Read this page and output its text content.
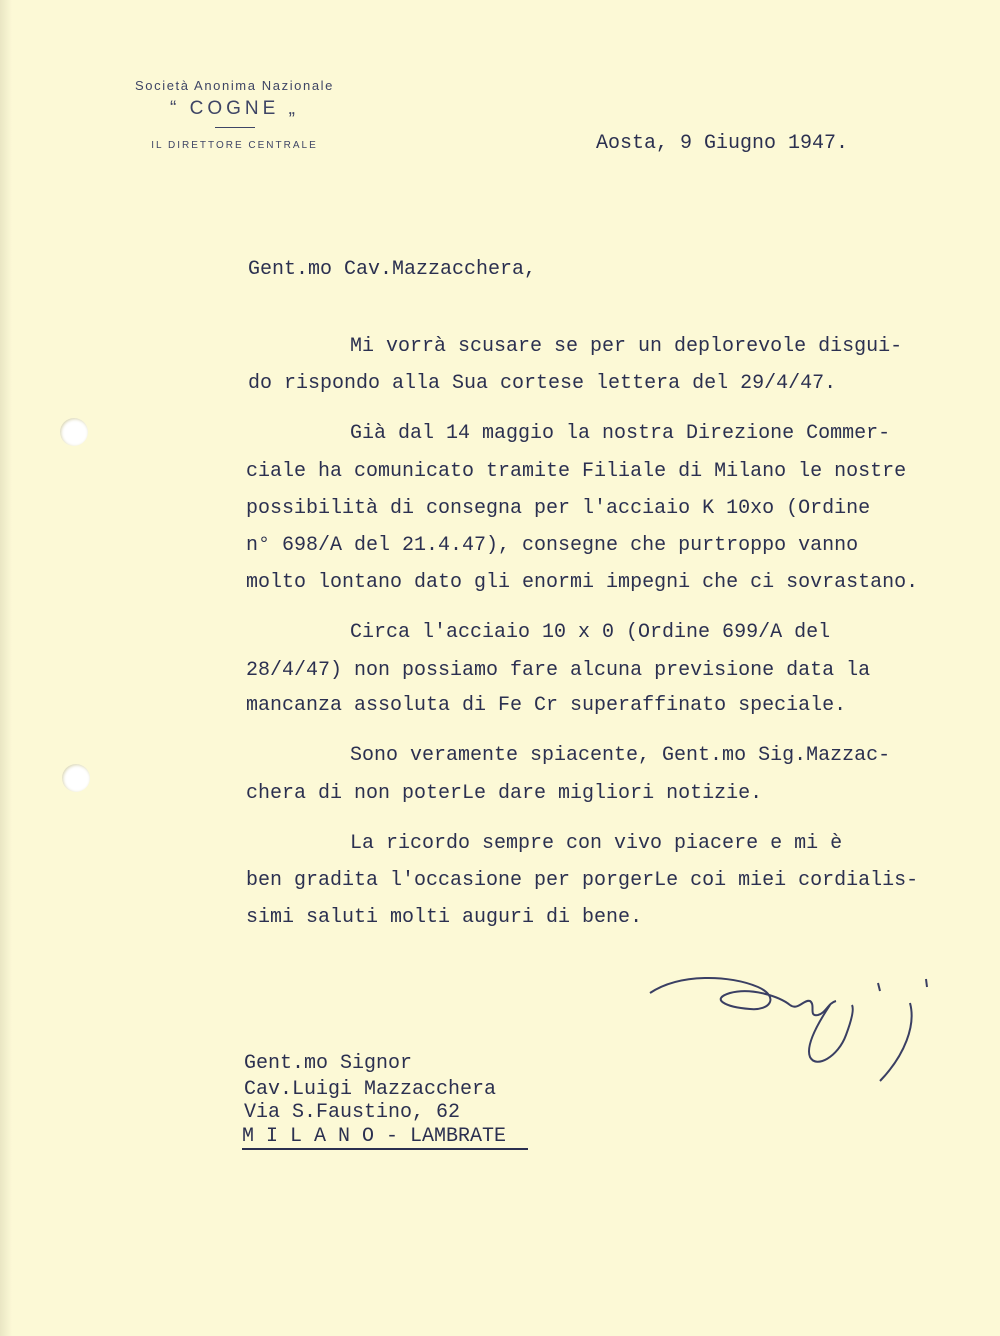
Società Anonima Nazionale
“ COGNE „
IL DIRETTORE CENTRALE	Aosta, 9 Giugno 1947.
Gent.mo Cav.Mazzacchera,
Mi vorrà scusare se per un deplorevole disgui-
do rispondo alla Sua cortese lettera del 29/4/47.
Già dal 14 maggio la nostra Direzione Commer-
ciale ha comunicato tramite Filiale di Milano le nostre
possibilità di consegna per l'acciaio K 10xo (Ordine
n° 698/A del 21.4.47), consegne che purtroppo vanno
molto lontano dato gli enormi impegni che ci sovrastano.
Circa l'acciaio 10 x 0 (Ordine 699/A del
28/4/47) non possiamo fare alcuna previsione data la
mancanza assoluta di Fe Cr superaffinato speciale.
Sono veramente spiacente, Gent.mo Sig.Mazzac-
chera di non poterLe dare migliori notizie.
La ricordo sempre con vivo piacere e mi è
ben gradita l'occasione per porgerLe coi miei cordialis-
simi saluti molti auguri di bene.
Gent.mo Signor
Cav.Luigi Mazzacchera
Via S.Faustino, 62
M I L A N O - LAMBRATE
